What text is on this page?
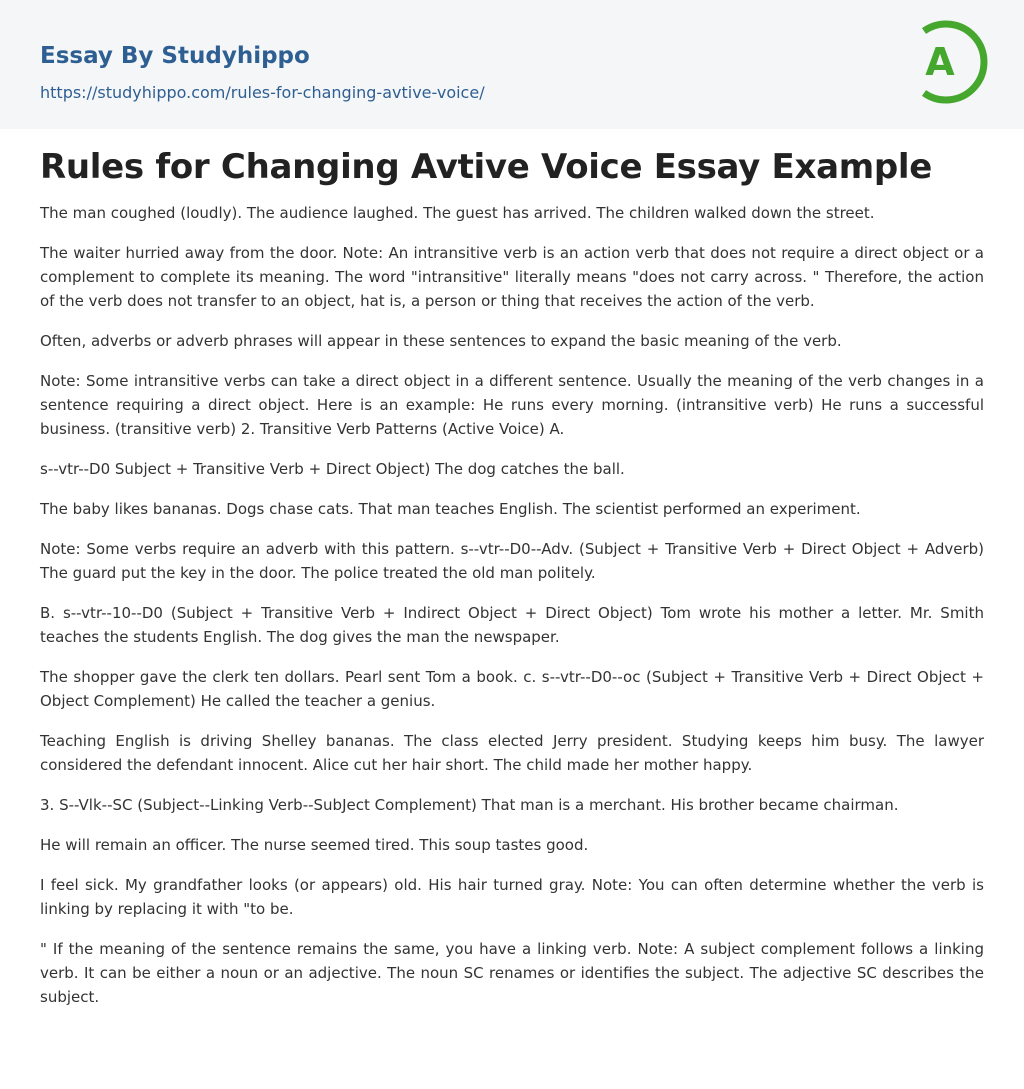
Essay By Studyhippo
https://studyhippo.com/rules-for-changing-avtive-voice/
A
Rules for Changing Avtive Voice Essay Example

The man coughed (loudly). The audience laughed. The guest has arrived. The children walked down the street.

The waiter hurried away from the door. Note: An intransitive verb is an action verb that does not require a direct object or a complement to complete its meaning. The word "intransitive" literally means "does not carry across. " Therefore, the action of the verb does not transfer to an object, hat is, a person or thing that receives the action of the verb.

Often, adverbs or adverb phrases will appear in these sentences to expand the basic meaning of the verb.

Note: Some intransitive verbs can take a direct object in a different sentence. Usually the meaning of the verb changes in a sentence requiring a direct object. Here is an example: He runs every morning. (intransitive verb) He runs a successful business. (transitive verb) 2. Transitive Verb Patterns (Active Voice) A.

s--vtr--D0 Subject + Transitive Verb + Direct Object) The dog catches the ball.

The baby likes bananas. Dogs chase cats. That man teaches English. The scientist performed an experiment.

Note: Some verbs require an adverb with this pattern. s--vtr--D0--Adv. (Subject + Transitive Verb + Direct Object + Adverb) The guard put the key in the door. The police treated the old man politely.

B. s--vtr--10--D0 (Subject + Transitive Verb + Indirect Object + Direct Object) Tom wrote his mother a letter. Mr. Smith teaches the students English. The dog gives the man the newspaper.

The shopper gave the clerk ten dollars. Pearl sent Tom a book. c. s--vtr--D0--oc (Subject + Transitive Verb + Direct Object + Object Complement) He called the teacher a genius.

Teaching English is driving Shelley bananas. The class elected Jerry president. Studying keeps him busy. The lawyer considered the defendant innocent. Alice cut her hair short. The child made her mother happy.

3. S--Vlk--SC (Subject--Linking Verb--SubJect Complement) That man is a merchant. His brother became chairman.

He will remain an officer. The nurse seemed tired. This soup tastes good.

I feel sick. My grandfather looks (or appears) old. His hair turned gray. Note: You can often determine whether the verb is linking by replacing it with "to be.

" If the meaning of the sentence remains the same, you have a linking verb. Note: A subject complement follows a linking verb. It can be either a noun or an adjective. The noun SC renames or identifies the subject. The adjective SC describes the subject.
